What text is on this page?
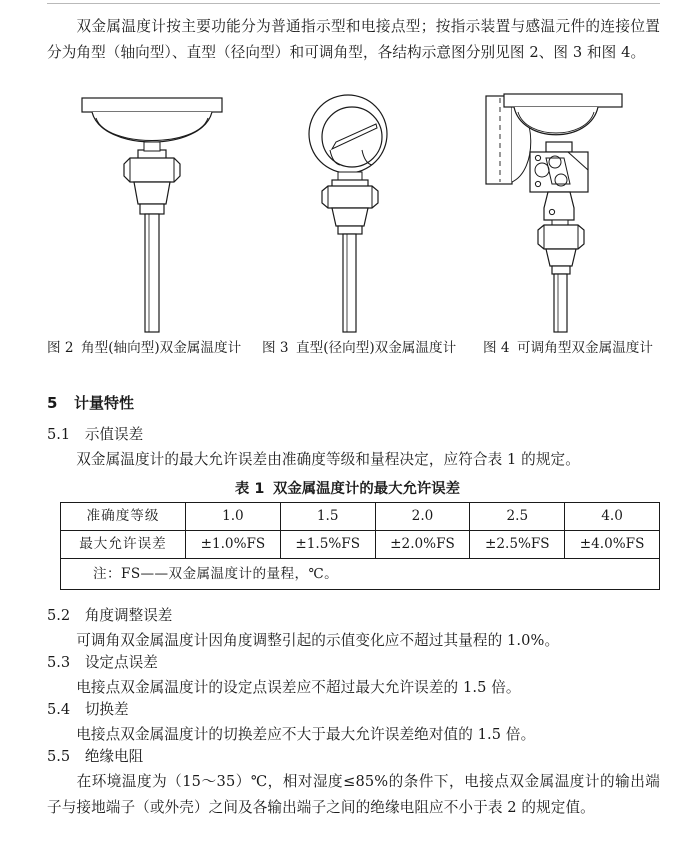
双金属温度计按主要功能分为普通指示型和电接点型；按指示装置与感温元件的连接位置分为角型（轴向型）、直型（径向型）和可调角型，各结构示意图分别见图 2、图 3 和图 4。
图 2 角型(轴向型)双金属温度计 图 3 直型(径向型)双金属温度计 图 4 可调角型双金属温度计
5 计量特性
5.1 示值误差
双金属温度计的最大允许误差由准确度等级和量程决定，应符合表 1 的规定。
表 1 双金属温度计的最大允许误差
准确度等级	1.0	1.5	2.0	2.5	4.0
最大允许误差	±1.0%FS	±1.5%FS	±2.0%FS	±2.5%FS	±4.0%FS
注：FS——双金属温度计的量程，℃。					
5.2 角度调整误差
可调角双金属温度计因角度调整引起的示值变化应不超过其量程的 1.0%。
5.3 设定点误差
电接点双金属温度计的设定点误差应不超过最大允许误差的 1.5 倍。
5.4 切换差
电接点双金属温度计的切换差应不大于最大允许误差绝对值的 1.5 倍。
5.5 绝缘电阻
在环境温度为（15～35）℃，相对湿度≤85%的条件下，电接点双金属温度计的输出端子与接地端子（或外壳）之间及各输出端子之间的绝缘电阻应不小于表 2 的规定值。
